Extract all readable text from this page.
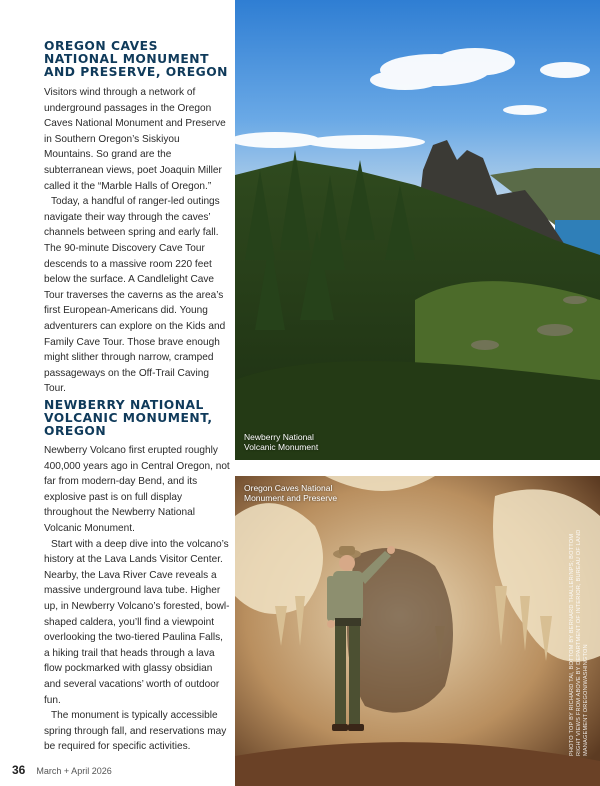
OREGON CAVES NATIONAL MONUMENT AND PRESERVE, OREGON

Visitors wind through a network of underground passages in the Oregon Caves National Monument and Preserve in Southern Oregon’s Siskiyou Mountains. So grand are the subterranean views, poet Joaquin Miller called it the “Marble Halls of Oregon.”

Today, a handful of ranger-led outings navigate their way through the caves’ channels between spring and early fall. The 90-minute Discovery Cave Tour descends to a massive room 220 feet below the surface. A Candlelight Cave Tour traverses the caverns as the area’s first European-Americans did. Young adventurers can explore on the Kids and Family Cave Tour. Those brave enough might slither through narrow, cramped passageways on the Off-Trail Caving Tour.

NEWBERRY NATIONAL VOLCANIC MONUMENT, OREGON

Newberry Volcano first erupted roughly 400,000 years ago in Central Oregon, not far from modern-day Bend, and its explosive past is on full display throughout the Newberry National Volcanic Monument.

Start with a deep dive into the volcano’s history at the Lava Lands Visitor Center. Nearby, the Lava River Cave reveals a massive underground lava tube. Higher up, in Newberry Volcano’s forested, bowl-shaped caldera, you’ll find a viewpoint overlooking the two-tiered Paulina Falls, a hiking trail that heads through a lava flow pockmarked with glassy obsidian and several vacations’ worth of outdoor fun.

The monument is typically accessible spring through fall, and reservations may be required for specific activities.

Newberry National Volcanic Monument
Oregon Caves National Monument and Preserve
PHOTO TOP BY RICHARD TAI, BOTTOM BY BERNARD THALLER/NPS; BOTTOM RIGHT VIEWS FROM ABOVE BY DEPARTMENT OF INTERIOR, BUREAU OF LAND MANAGEMENT OREGON/WASHINGTON
36 March + April 2026
